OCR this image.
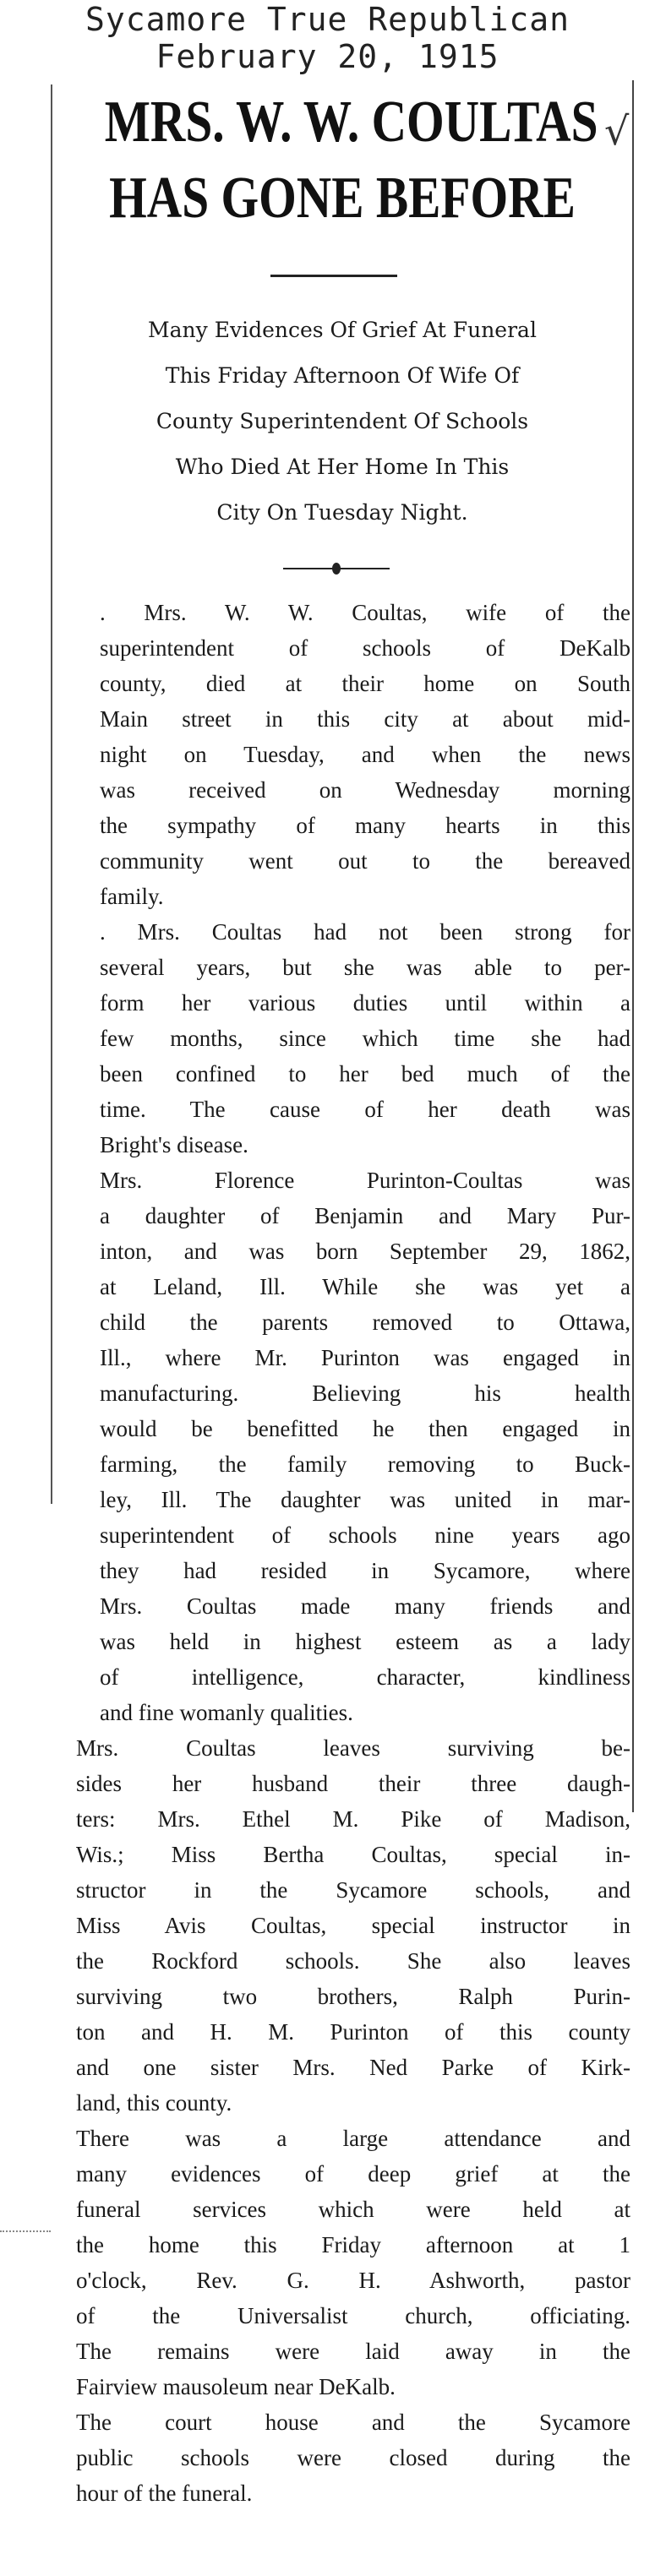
Sycamore True Republican
February 20, 1915
MRS. W. W. COULTAS
HAS GONE BEFORE
√
Many Evidences Of Grief At Funeral
This Friday Afternoon Of Wife Of
County Superintendent Of Schools
Who Died At Her Home In This
City On Tuesday Night.
. Mrs. W. W. Coultas, wife of the
superintendent of schools of DeKalb
county, died at their home on South
Main street in this city at about mid-
night on Tuesday, and when the news
was received on Wednesday morning
the sympathy of many hearts in this
community went out to the bereaved
family.
. Mrs. Coultas had not been strong for
several years, but she was able to per-
form her various duties until within a
few months, since which time she had
been confined to her bed much of the
time. The cause of her death was
Bright's disease.
Mrs. Florence Purinton-Coultas was
a daughter of Benjamin and Mary Pur-
inton, and was born September 29, 1862,
at Leland, Ill. While she was yet a
child the parents removed to Ottawa,
Ill., where Mr. Purinton was engaged in
manufacturing. Believing his health
would be benefitted he then engaged in
farming, the family removing to Buck-
ley, Ill. The daughter was united in mar-
superintendent of schools nine years ago
they had resided in Sycamore, where
Mrs. Coultas made many friends and
was held in highest esteem as a lady
of intelligence, character, kindliness
and fine womanly qualities.
Mrs. Coultas leaves surviving be-
sides her husband their three daugh-
ters: Mrs. Ethel M. Pike of Madison,
Wis.; Miss Bertha Coultas, special in-
structor in the Sycamore schools, and
Miss Avis Coultas, special instructor in
the Rockford schools. She also leaves
surviving two brothers, Ralph Purin-
ton and H. M. Purinton of this county
and one sister Mrs. Ned Parke of Kirk-
land, this county.
There was a large attendance and
many evidences of deep grief at the
funeral services which were held at
the home this Friday afternoon at 1
o'clock, Rev. G. H. Ashworth, pastor
of the Universalist church, officiating.
The remains were laid away in the
Fairview mausoleum near DeKalb.
The court house and the Sycamore
public schools were closed during the
hour of the funeral.
